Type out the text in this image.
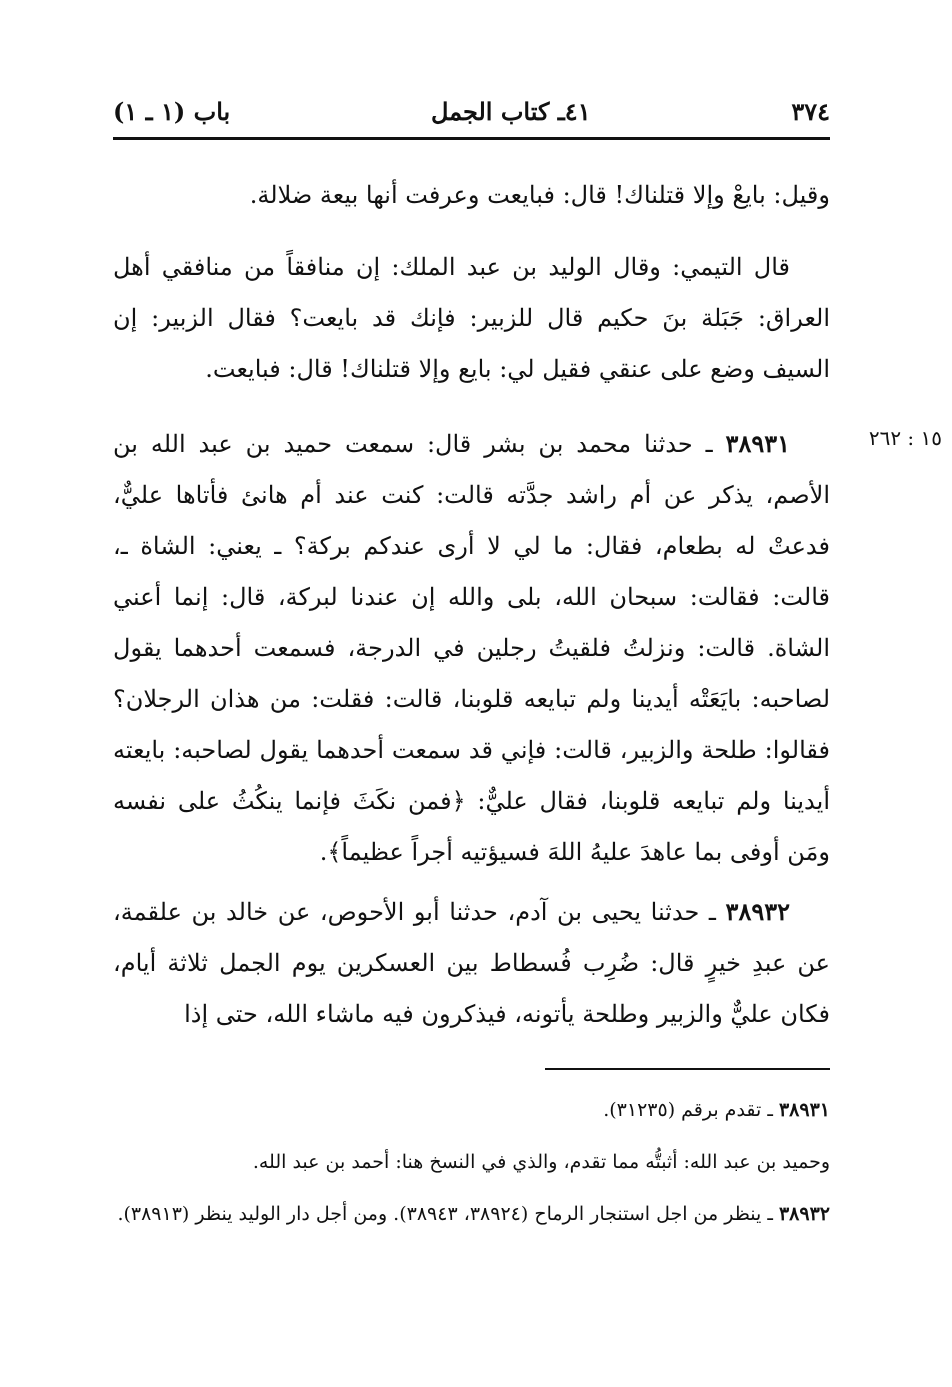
٣٧٤
٤١ـ كتاب الجمل
باب (١ ـ ١)
١٥ : ٢٦٢
وقيل: بايعْ وإلا قتلناك! قال: فبايعت وعرفت أنها بيعة ضلالة.
قال التيمي: وقال الوليد بن عبد الملك: إن منافقاً من منافقي أهل العراق: جَبَلة بنَ حكيم قال للزبير: فإنك قد بايعت؟ فقال الزبير: إن السيف وضع على عنقي فقيل لي: بايع وإلا قتلناك! قال: فبايعت.
٣٨٩٣١ ـ حدثنا محمد بن بشر قال: سمعت حميد بن عبد الله بن الأصم، يذكر عن أم راشد جدَّته قالت: كنت عند أم هانئ فأتاها عليٌّ، فدعتْ له بطعام، فقال: ما لي لا أرى عندكم بركة؟ ـ يعني: الشاة ـ، قالت: فقالت: سبحان الله، بلى والله إن عندنا لبركة، قال: إنما أعني الشاة. قالت: ونزلتُ فلقيتُ رجلين في الدرجة، فسمعت أحدهما يقول لصاحبه: بايَعَتْه أيدينا ولم تبايعه قلوبنا، قالت: فقلت: من هذان الرجلان؟ فقالوا: طلحة والزبير، قالت: فإني قد سمعت أحدهما يقول لصاحبه: بايعته أيدينا ولم تبايعه قلوبنا، فقال عليٌّ: ﴿فمن نكَثَ فإنما ينكُثُ على نفسه ومَن أوفى بما عاهدَ عليهُ اللهَ فسيؤتيه أجراً عظيماً﴾.
٣٨٩٣٢ ـ حدثنا يحيى بن آدم، حدثنا أبو الأحوص، عن خالد بن علقمة، عن عبدِ خيرٍ قال: ضُرِب فُسطاط بين العسكرين يوم الجمل ثلاثة أيام، فكان عليٌّ والزبير وطلحة يأتونه، فيذكرون فيه ماشاء الله، حتى إذا
٣٨٩٣١ ـ تقدم برقم (٣١٢٣٥).
وحميد بن عبد الله: أثبتُّه مما تقدم، والذي في النسخ هنا: أحمد بن عبد الله.
٣٨٩٣٢ ـ ينظر من اجل استنجار الرماح (٣٨٩٢٤، ٣٨٩٤٣). ومن أجل دار الوليد ينظر (٣٨٩١٣).
